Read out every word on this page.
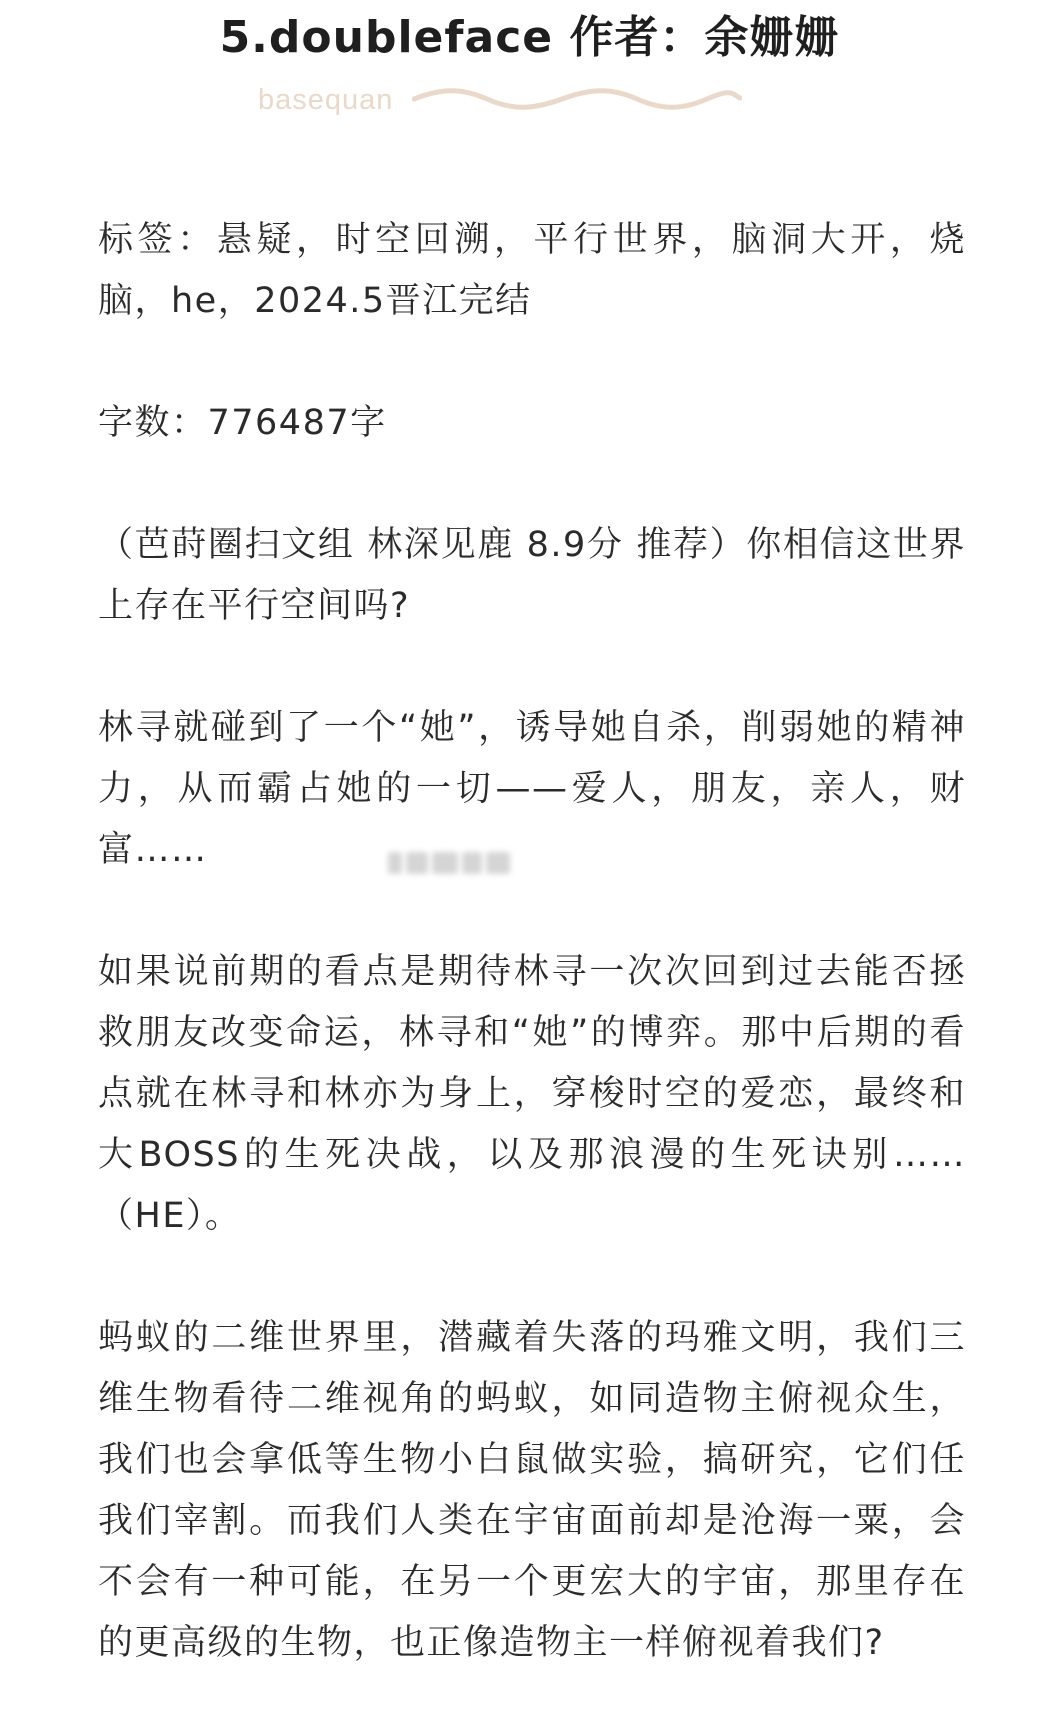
5.doubleface 作者：余姗姗
basequan

标签：悬疑，时空回溯，平行世界，脑洞大开，烧脑，he，2024.5晋江完结

字数：776487字

（芭莳圈扫文组 林深见鹿 8.9分 推荐）你相信这世界上存在平行空间吗?

林寻就碰到了一个“她”，诱导她自杀，削弱她的精神力，从而霸占她的一切——爱人，朋友，亲人，财富……

如果说前期的看点是期待林寻一次次回到过去能否拯救朋友改变命运，林寻和“她”的博弈。那中后期的看点就在林寻和林亦为身上，穿梭时空的爱恋，最终和大BOSS的生死决战，以及那浪漫的生死诀别……（HE）。

蚂蚁的二维世界里，潜藏着失落的玛雅文明，我们三维生物看待二维视角的蚂蚁，如同造物主俯视众生，我们也会拿低等生物小白鼠做实验，搞研究，它们任我们宰割。而我们人类在宇宙面前却是沧海一粟，会不会有一种可能，在另一个更宏大的宇宙，那里存在的更高级的生物，也正像造物主一样俯视着我们?
